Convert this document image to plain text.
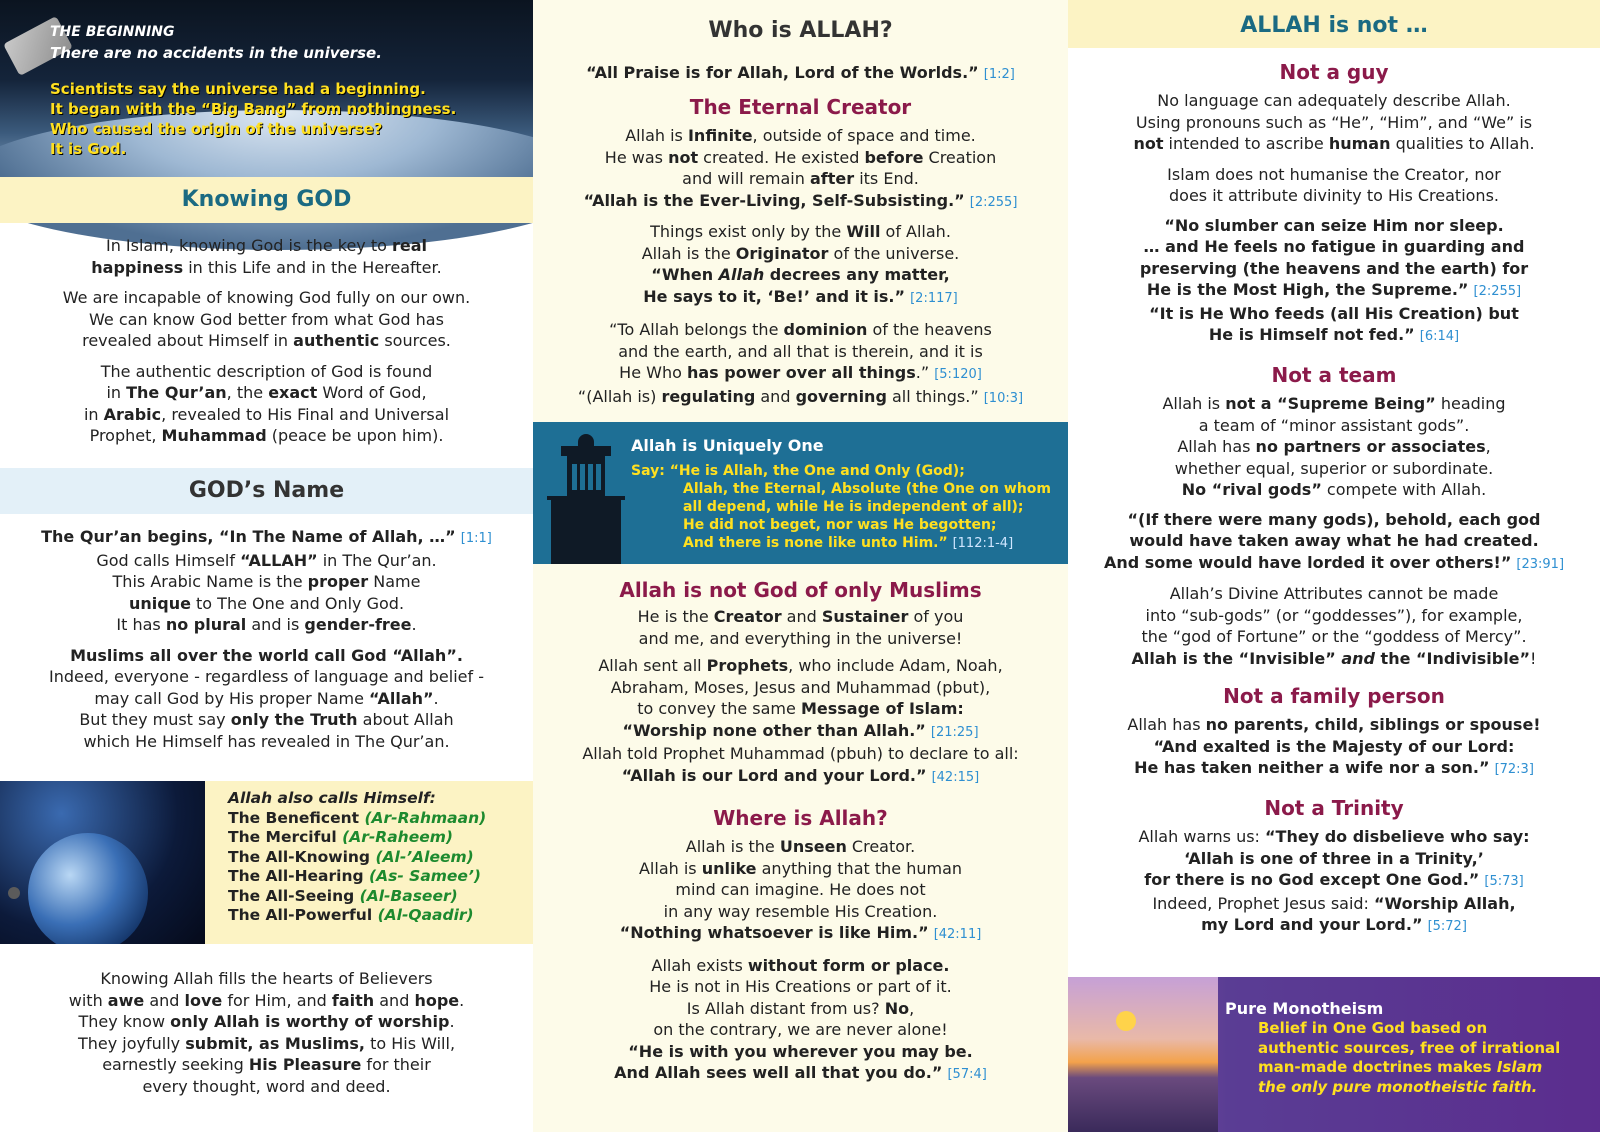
THE BEGINNING
There are no accidents in the universe.
Scientists say the universe had a beginning.
It began with the “Big Bang” from nothingness.
Who caused the origin of the universe?
It is God.
Knowing GOD

In Islam, knowing God is the key to real
happiness in this Life and in the Hereafter.

We are incapable of knowing God fully on our own.
We can know God better from what God has
revealed about Himself in authentic sources.

The authentic description of God is found
in The Qur’an, the exact Word of God,
in Arabic, revealed to His Final and Universal
Prophet, Muhammad (peace be upon him).

GOD’s Name

The Qur’an begins, “In The Name of Allah, …” [1:1]

God calls Himself “ALLAH” in The Qur’an.

This Arabic Name is the proper Name

unique to The One and Only God.

It has no plural and is gender-free.

Muslims all over the world call God “Allah”.

Indeed, everyone - regardless of language and belief -

may call God by His proper Name “Allah”.

But they must say only the Truth about Allah

which He Himself has revealed in The Qur’an.

Allah also calls Himself:
The Beneficent (Ar-Rahmaan)
The Merciful (Ar-Raheem)
The All-Knowing (Al-’Aleem)
The All-Hearing (As- Samee’)
The All-Seeing (Al-Baseer)
The All-Powerful (Al-Qaadir)

Knowing Allah fills the hearts of Believers

with awe and love for Him, and faith and hope.

They know only Allah is worthy of worship.

They joyfully submit, as Muslims, to His Will,

earnestly seeking His Pleasure for their

every thought, word and deed.

Who is ALLAH?

“All Praise is for Allah, Lord of the Worlds.” [1:2]

The Eternal Creator

Allah is Infinite, outside of space and time.

He was not created. He existed before Creation

and will remain after its End.

“Allah is the Ever-Living, Self-Subsisting.” [2:255]

Things exist only by the Will of Allah.

Allah is the Originator of the universe.

“When Allah decrees any matter,

He says to it, ‘Be!’ and it is.” [2:117]

“To Allah belongs the dominion of the heavens

and the earth, and all that is therein, and it is

He Who has power over all things.” [5:120]

“(Allah is) regulating and governing all things.” [10:3]

Allah is Uniquely One
Say: “He is Allah, the One and Only (God);
Allah, the Eternal, Absolute (the One on whom
all depend, while He is independent of all);
He did not beget, nor was He begotten;
And there is none like unto Him.” [112:1-4]
Allah is not God of only Muslims

He is the Creator and Sustainer of you

and me, and everything in the universe!

Allah sent all Prophets, who include Adam, Noah,

Abraham, Moses, Jesus and Muhammad (pbut),

to convey the same Message of Islam:

“Worship none other than Allah.” [21:25]

Allah told Prophet Muhammad (pbuh) to declare to all:

“Allah is our Lord and your Lord.” [42:15]

Where is Allah?

Allah is the Unseen Creator.

Allah is unlike anything that the human

mind can imagine. He does not

in any way resemble His Creation.

“Nothing whatsoever is like Him.” [42:11]

Allah exists without form or place.

He is not in His Creations or part of it.

Is Allah distant from us? No,

on the contrary, we are never alone!

“He is with you wherever you may be.

And Allah sees well all that you do.” [57:4]

ALLAH is not …
Not a guy

No language can adequately describe Allah.

Using pronouns such as “He”, “Him”, and “We” is

not intended to ascribe human qualities to Allah.

Islam does not humanise the Creator, nor

does it attribute divinity to His Creations.

“No slumber can seize Him nor sleep.

… and He feels no fatigue in guarding and

preserving (the heavens and the earth) for

He is the Most High, the Supreme.” [2:255]

“It is He Who feeds (all His Creation) but

He is Himself not fed.” [6:14]

Not a team

Allah is not a “Supreme Being” heading

a team of “minor assistant gods”.

Allah has no partners or associates,

whether equal, superior or subordinate.

No “rival gods” compete with Allah.

“(If there were many gods), behold, each god

would have taken away what he had created.

And some would have lorded it over others!” [23:91]

Allah’s Divine Attributes cannot be made

into “sub-gods” (or “goddesses”), for example,

the “god of Fortune” or the “goddess of Mercy”.

Allah is the “Invisible” and the “Indivisible”!

Not a family person

Allah has no parents, child, siblings or spouse!

“And exalted is the Majesty of our Lord:

He has taken neither a wife nor a son.” [72:3]

Not a Trinity

Allah warns us: “They do disbelieve who say:

‘Allah is one of three in a Trinity,’

for there is no God except One God.” [5:73]

Indeed, Prophet Jesus said: “Worship Allah,

my Lord and your Lord.” [5:72]

Pure Monotheism
Belief in One God based on
authentic sources, free of irrational
man-made doctrines makes Islam
the only pure monotheistic faith.
